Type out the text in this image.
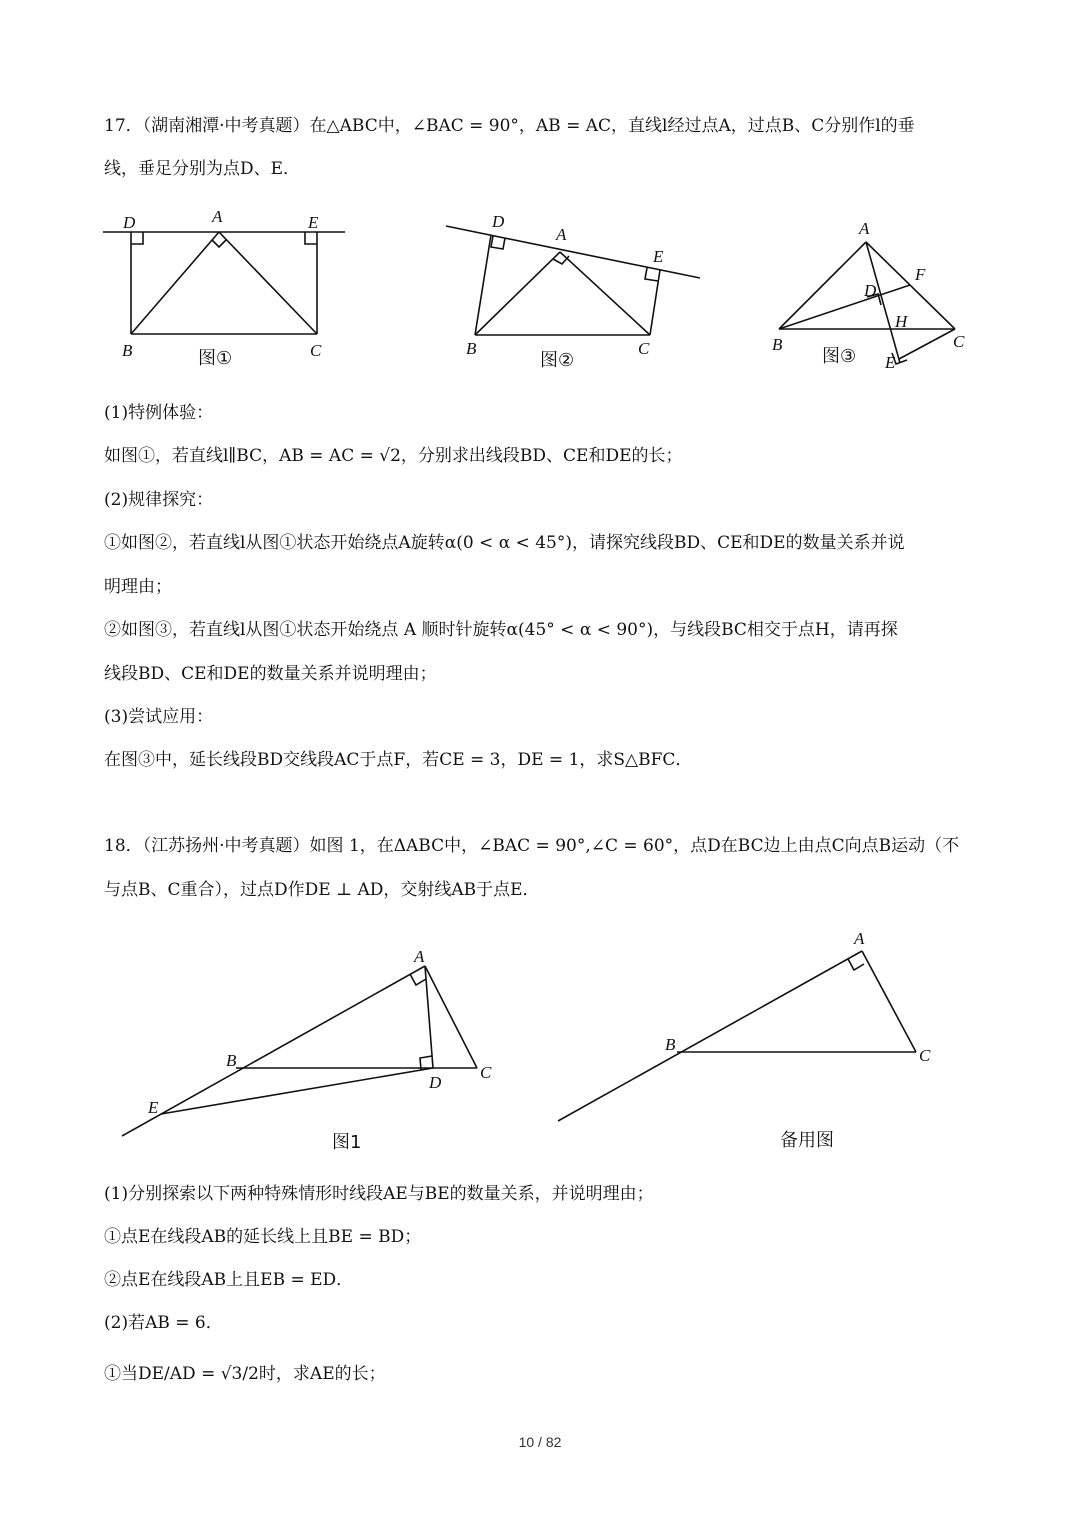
17．（湖南湘潭·中考真题）在△ABC中，∠BAC = 90°，AB = AC，直线l经过点A，过点B、C分别作l的垂
线，垂足分别为点D、E．
D	A	E
B	C
图①
D
A
E
B	C
图②
A
F
D
H
B	C
E
图③
(1)特例体验：
如图①，若直线l∥BC，AB = AC = √2，分别求出线段BD、CE和DE的长；
(2)规律探究：
①如图②，若直线l从图①状态开始绕点A旋转α(0 < α < 45°)，请探究线段BD、CE和DE的数量关系并说
明理由；
②如图③，若直线l从图①状态开始绕点 A 顺时针旋转α(45° < α < 90°)，与线段BC相交于点H，请再探
线段BD、CE和DE的数量关系并说明理由；
(3)尝试应用：
在图③中，延长线段BD交线段AC于点F，若CE = 3，DE = 1，求S△BFC．
18．（江苏扬州·中考真题）如图 1，在ΔABC中，∠BAC = 90°,∠C = 60°，点D在BC边上由点C向点B运动（不
与点B、C重合），过点D作DE ⊥ AD，交射线AB于点E．
A
B
C
D
E
图1
A
B
C
备用图
(1)分别探索以下两种特殊情形时线段AE与BE的数量关系，并说明理由；
①点E在线段AB的延长线上且BE = BD；
②点E在线段AB上且EB = ED．
(2)若AB = 6．
①当DE/AD = √3/2时，求AE的长；
10 / 82
